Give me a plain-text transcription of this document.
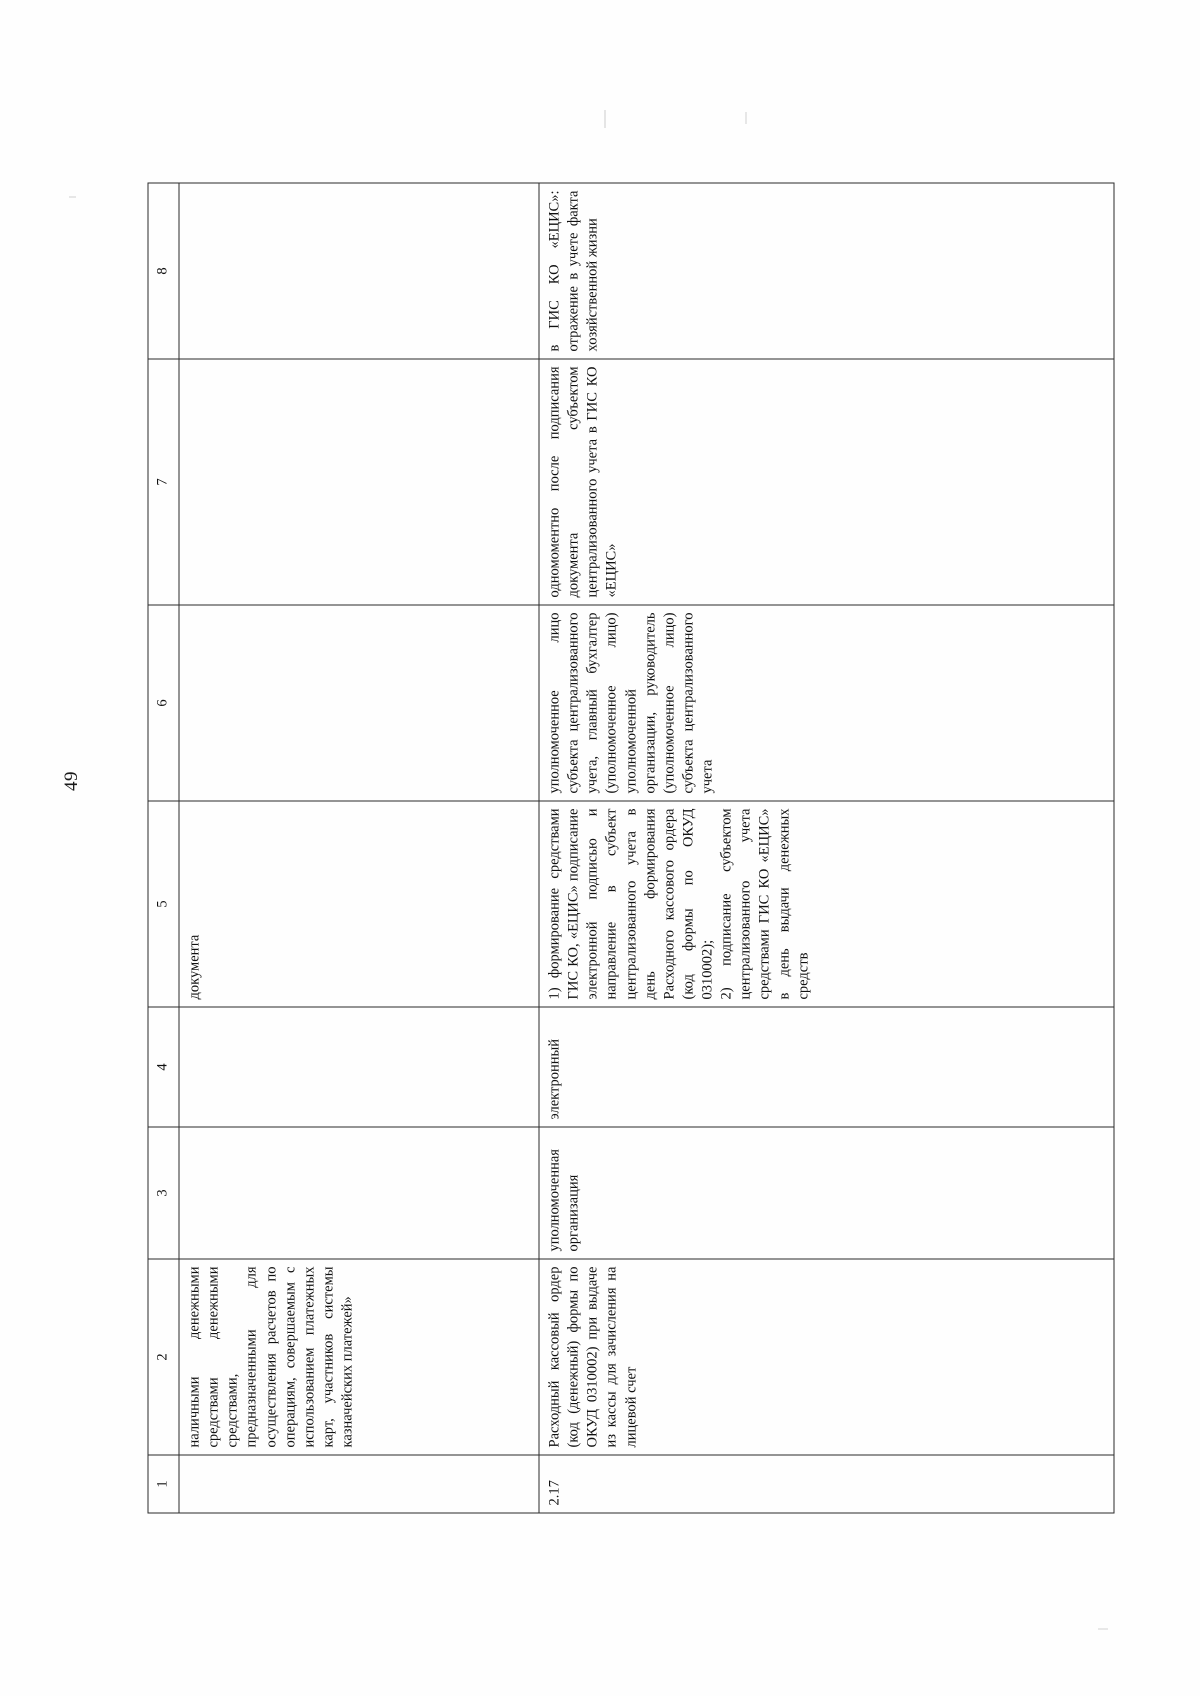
49
1	2	3	4	5	6	7	8
	наличными денежными средствами денежными средствами, предназначенными для осуществления расчетов по операциям, совершаемым с использованием платежных карт, участников системы казначейских платежей»			документа			
2.17	Расходный кассовый ордер (код (денежный) формы по ОКУД 0310002) при выдаче из кассы для зачисления на лицевой счет	уполномоченная организация	электронный	1) формирование средствами ГИС КО, «ЕЦИС» подписание электронной подписью и направление в субъект централизованного учета в день формирования Расходного кассового ордера (код формы по ОКУД 0310002); 2) подписание субъектом централизованного учета средствами ГИС КО «ЕЦИС» в день выдачи денежных средств	уполномоченное лицо субъекта централизованного учета, главный бухгалтер (уполномоченное лицо) уполномоченной организации, руководитель (уполномоченное лицо) субъекта централизованного учета	одномоментно после подписания документа субъектом централизованного учета в ГИС КО «ЕЦИС»	в ГИС КО «ЕЦИС»: отражение в учете факта хозяйственной жизни
